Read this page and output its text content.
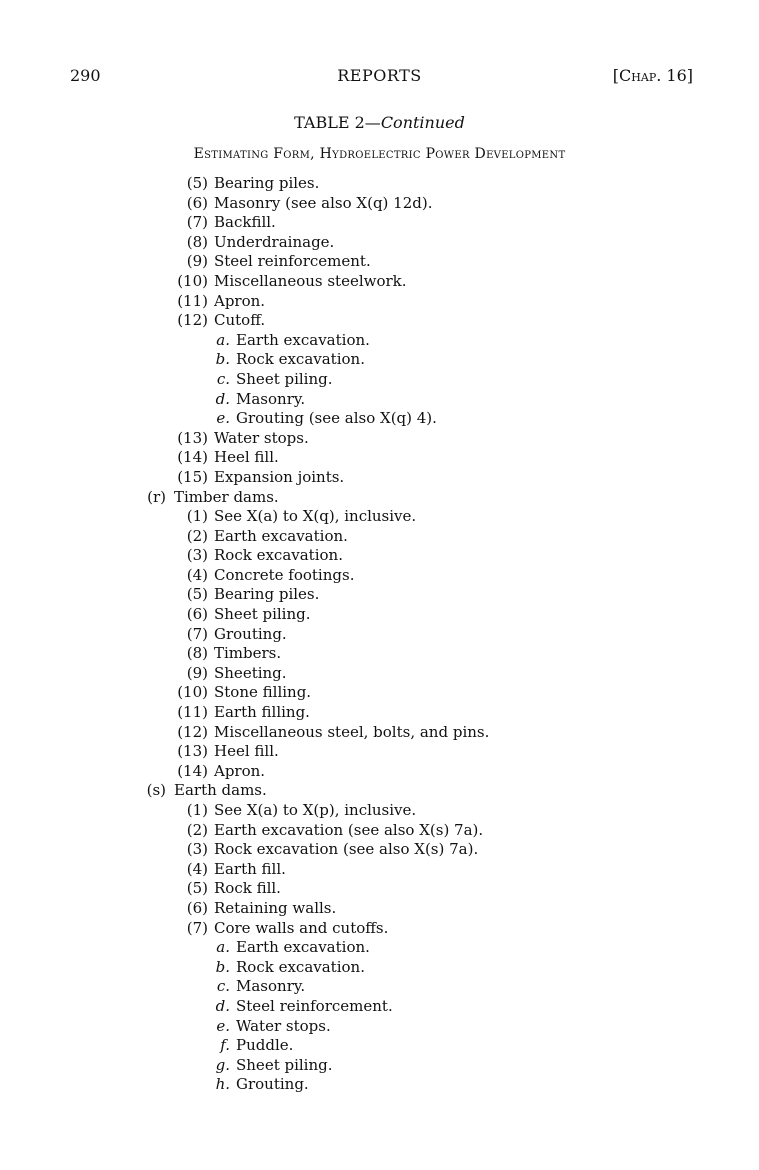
290	REPORTS	[Chap. 16]
TABLE 2—Continued
Estimating Form, Hydroelectric Power Development
(5) Bearing piles.
(6) Masonry (see also X(q) 12d).
(7) Backfill.
(8) Underdrainage.
(9) Steel reinforcement.
(10) Miscellaneous steelwork.
(11) Apron.
(12) Cutoff.
a. Earth excavation.
b. Rock excavation.
c. Sheet piling.
d. Masonry.
e. Grouting (see also X(q) 4).
(13) Water stops.
(14) Heel fill.
(15) Expansion joints.
(r) Timber dams.
(1) See X(a) to X(q), inclusive.
(2) Earth excavation.
(3) Rock excavation.
(4) Concrete footings.
(5) Bearing piles.
(6) Sheet piling.
(7) Grouting.
(8) Timbers.
(9) Sheeting.
(10) Stone filling.
(11) Earth filling.
(12) Miscellaneous steel, bolts, and pins.
(13) Heel fill.
(14) Apron.
(s) Earth dams.
(1) See X(a) to X(p), inclusive.
(2) Earth excavation (see also X(s) 7a).
(3) Rock excavation (see also X(s) 7a).
(4) Earth fill.
(5) Rock fill.
(6) Retaining walls.
(7) Core walls and cutoffs.
a. Earth excavation.
b. Rock excavation.
c. Masonry.
d. Steel reinforcement.
e. Water stops.
f. Puddle.
g. Sheet piling.
h. Grouting.
